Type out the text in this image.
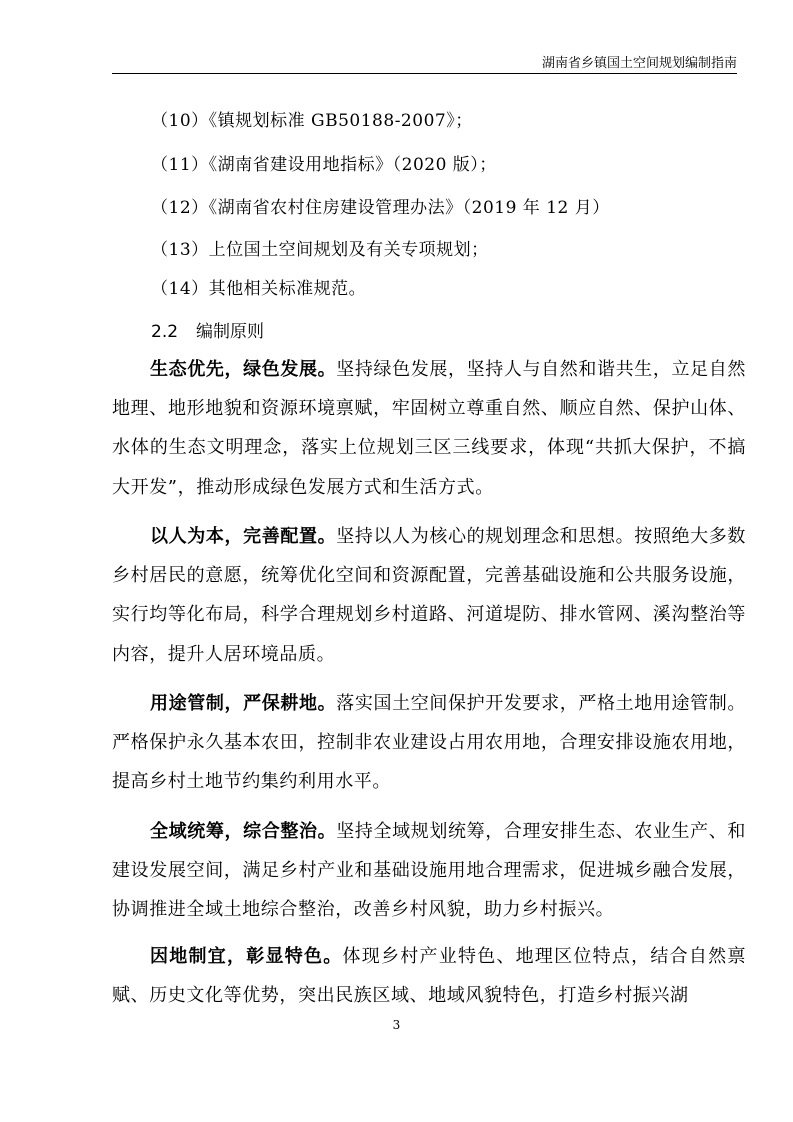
湖南省乡镇国土空间规划编制指南
（10）《镇规划标准 GB50188-2007》；
（11）《湖南省建设用地指标》（2020 版）；
（12）《湖南省农村住房建设管理办法》（2019 年 12 月）
（13）上位国土空间规划及有关专项规划；
（14）其他相关标准规范。
2.2 编制原则
生态优先，绿色发展。坚持绿色发展，坚持人与自然和谐共生，立足自然地理、地形地貌和资源环境禀赋，牢固树立尊重自然、顺应自然、保护山体、水体的生态文明理念，落实上位规划三区三线要求，体现“共抓大保护，不搞大开发”，推动形成绿色发展方式和生活方式。
以人为本，完善配置。坚持以人为核心的规划理念和思想。按照绝大多数乡村居民的意愿，统筹优化空间和资源配置，完善基础设施和公共服务设施，实行均等化布局，科学合理规划乡村道路、河道堤防、排水管网、溪沟整治等内容，提升人居环境品质。
用途管制，严保耕地。落实国土空间保护开发要求，严格土地用途管制。严格保护永久基本农田，控制非农业建设占用农用地，合理安排设施农用地，提高乡村土地节约集约利用水平。
全域统筹，综合整治。坚持全域规划统筹，合理安排生态、农业生产、和建设发展空间，满足乡村产业和基础设施用地合理需求，促进城乡融合发展，协调推进全域土地综合整治，改善乡村风貌，助力乡村振兴。
因地制宜，彰显特色。体现乡村产业特色、地理区位特点，结合自然禀赋、历史文化等优势，突出民族区域、地域风貌特色，打造乡村振兴湖
3
